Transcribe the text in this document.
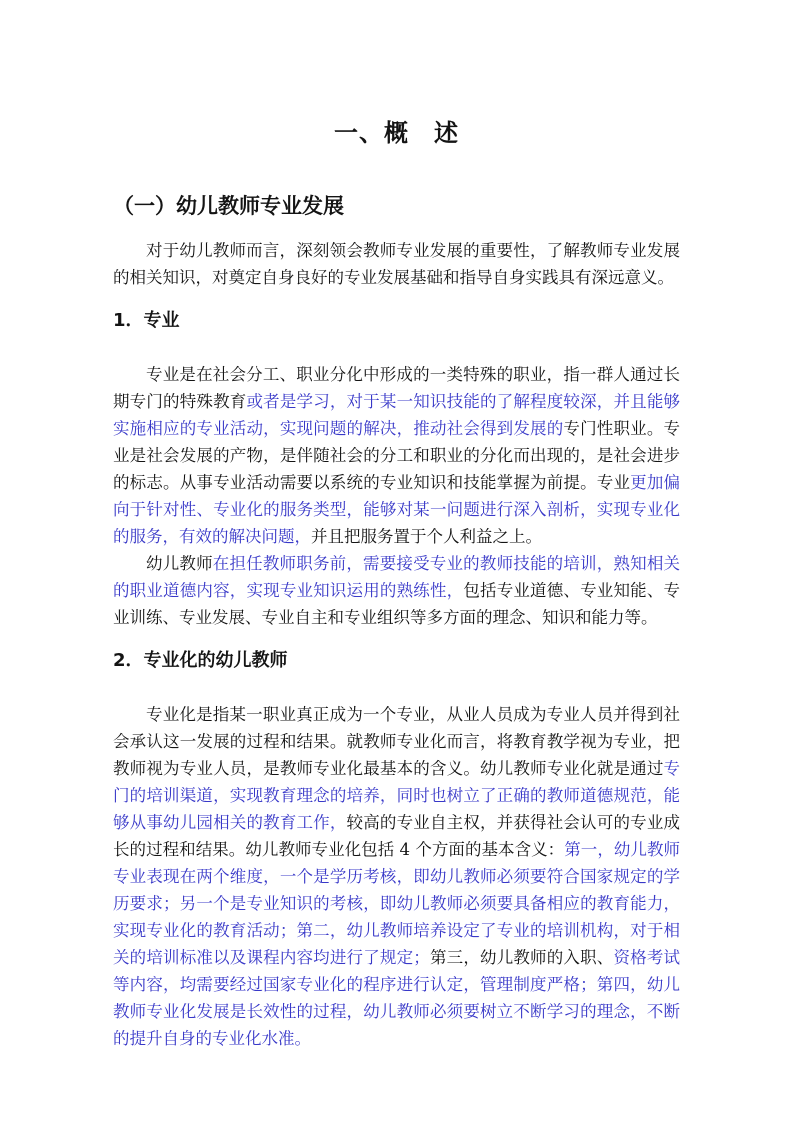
一、概　述
（一）幼儿教师专业发展

对于幼儿教师而言，深刻领会教师专业发展的重要性，了解教师专业发展的相关知识，对奠定自身良好的专业发展基础和指导自身实践具有深远意义。

1．专业

专业是在社会分工、职业分化中形成的一类特殊的职业，指一群人通过长期专门的特殊教育或者是学习，对于某一知识技能的了解程度较深，并且能够实施相应的专业活动，实现问题的解决，推动社会得到发展的专门性职业。专业是社会发展的产物，是伴随社会的分工和职业的分化而出现的，是社会进步的标志。从事专业活动需要以系统的专业知识和技能掌握为前提。专业更加偏向于针对性、专业化的服务类型，能够对某一问题进行深入剖析，实现专业化的服务，有效的解决问题，并且把服务置于个人利益之上。

幼儿教师在担任教师职务前，需要接受专业的教师技能的培训，熟知相关的职业道德内容，实现专业知识运用的熟练性，包括专业道德、专业知能、专业训练、专业发展、专业自主和专业组织等多方面的理念、知识和能力等。

2．专业化的幼儿教师

专业化是指某一职业真正成为一个专业，从业人员成为专业人员并得到社会承认这一发展的过程和结果。就教师专业化而言，将教育教学视为专业，把教师视为专业人员，是教师专业化最基本的含义。幼儿教师专业化就是通过专门的培训渠道，实现教育理念的培养，同时也树立了正确的教师道德规范，能够从事幼儿园相关的教育工作，较高的专业自主权，并获得社会认可的专业成长的过程和结果。幼儿教师专业化包括 4 个方面的基本含义：第一，幼儿教师专业表现在两个维度，一个是学历考核，即幼儿教师必须要符合国家规定的学历要求；另一个是专业知识的考核，即幼儿教师必须要具备相应的教育能力，实现专业化的教育活动；第二，幼儿教师培养设定了专业的培训机构，对于相关的培训标准以及课程内容均进行了规定；第三，幼儿教师的入职、资格考试等内容，均需要经过国家专业化的程序进行认定，管理制度严格；第四，幼儿教师专业化发展是长效性的过程，幼儿教师必须要树立不断学习的理念，不断的提升自身的专业化水准。
